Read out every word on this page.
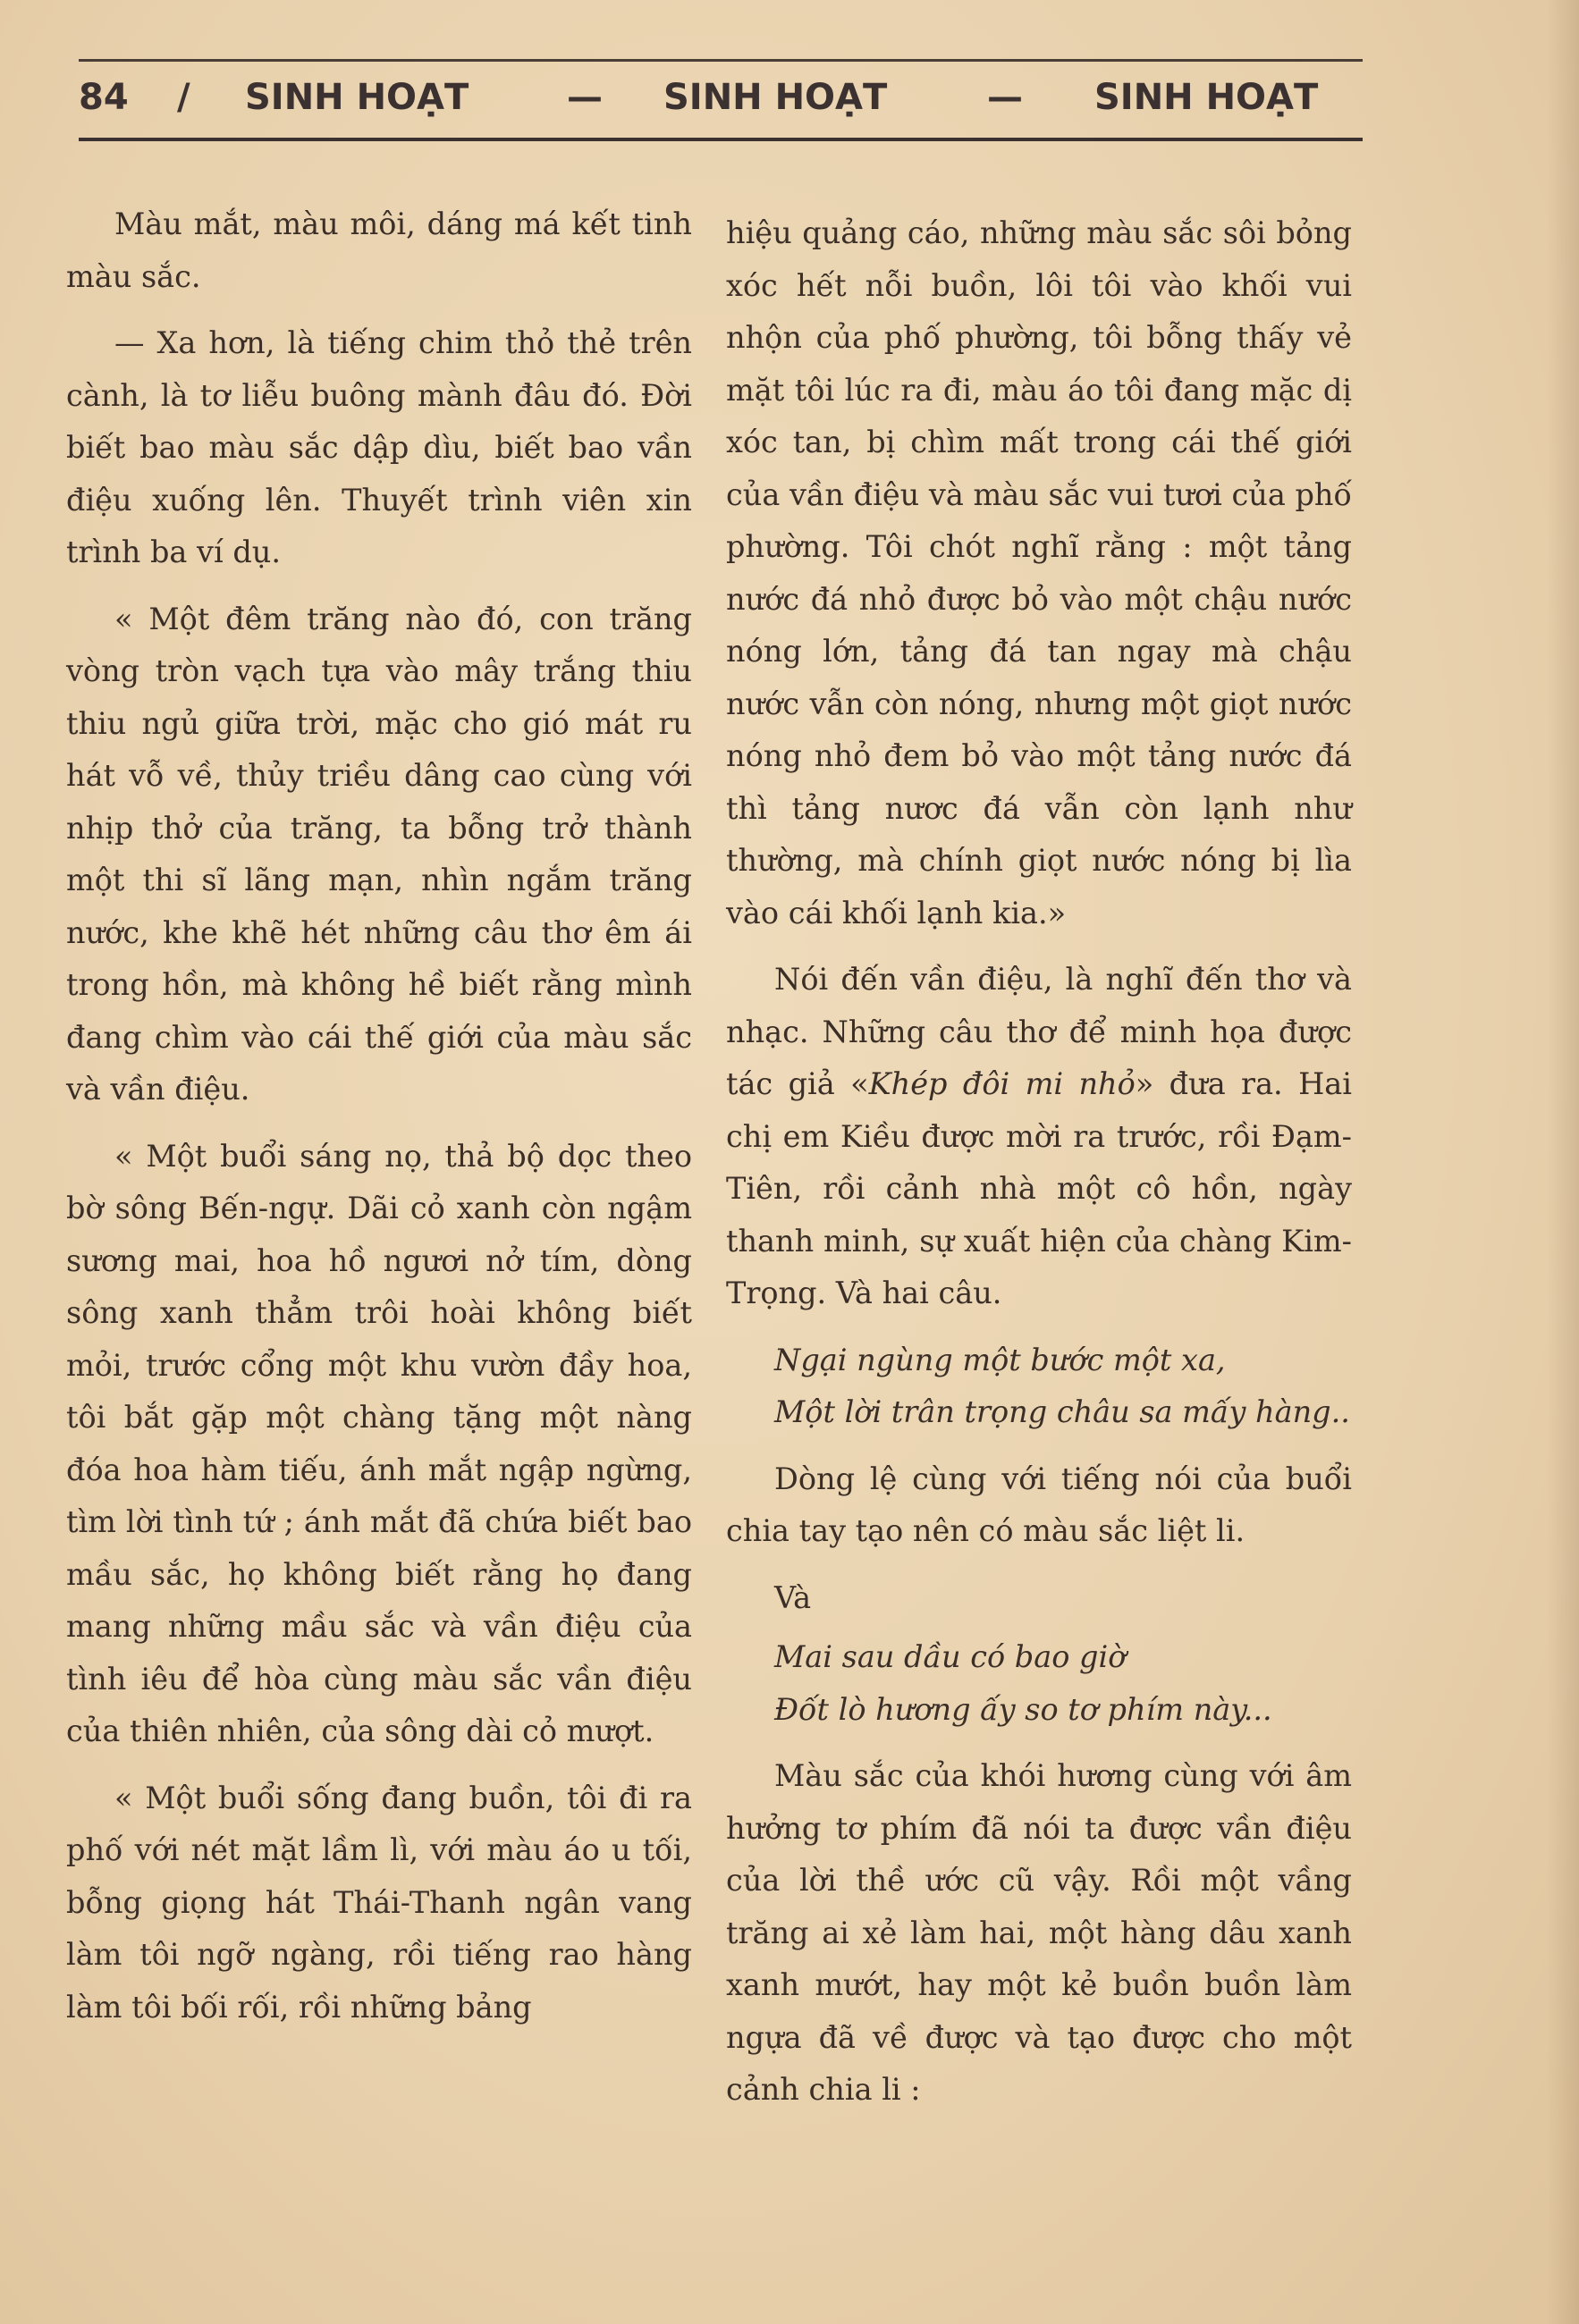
84 / SINH HOẠT	— SINH HOẠT	— SINH HOẠT

Màu mắt, màu môi, dáng má kết tinh màu sắc.

— Xa hơn, là tiếng chim thỏ thẻ trên cành, là tơ liễu buông mành đâu đó. Đời biết bao màu sắc dập dìu, biết bao vần điệu xuống lên. Thuyết trình viên xin trình ba ví dụ.

« Một đêm trăng nào đó, con trăng vòng tròn vạch tựa vào mây trắng thiu thiu ngủ giữa trời, mặc cho gió mát ru hát vỗ về, thủy triều dâng cao cùng với nhịp thở của trăng, ta bỗng trở thành một thi sĩ lãng mạn, nhìn ngắm trăng nước, khe khẽ hét những câu thơ êm ái trong hồn, mà không hề biết rằng mình đang chìm vào cái thế giới của màu sắc và vần điệu.

« Một buổi sáng nọ, thả bộ dọc theo bờ sông Bến-ngự. Dãi cỏ xanh còn ngậm sương mai, hoa hồ ngươi nở tím, dòng sông xanh thẳm trôi hoài không biết mỏi, trước cổng một khu vườn đầy hoa, tôi bắt gặp một chàng tặng một nàng đóa hoa hàm tiếu, ánh mắt ngập ngừng, tìm lời tình tứ ; ánh mắt đã chứa biết bao mầu sắc, họ không biết rằng họ đang mang những mầu sắc và vần điệu của tình iêu để hòa cùng màu sắc vần điệu của thiên nhiên, của sông dài cỏ mượt.

« Một buổi sống đang buồn, tôi đi ra phố với nét mặt lầm lì, với màu áo u tối, bỗng giọng hát Thái-Thanh ngân vang làm tôi ngỡ ngàng, rồi tiếng rao hàng làm tôi bối rối, rồi những bảng

hiệu quảng cáo, những màu sắc sôi bỏng xóc hết nỗi buồn, lôi tôi vào khối vui nhộn của phố phường, tôi bỗng thấy vẻ mặt tôi lúc ra đi, màu áo tôi đang mặc dị xóc tan, bị chìm mất trong cái thế giới của vần điệu và màu sắc vui tươi của phố phường. Tôi chót nghĩ rằng : một tảng nước đá nhỏ được bỏ vào một chậu nước nóng lớn, tảng đá tan ngay mà chậu nước vẫn còn nóng, nhưng một giọt nước nóng nhỏ đem bỏ vào một tảng nước đá thì tảng nươc đá vẫn còn lạnh như thường, mà chính giọt nước nóng bị lìa vào cái khối lạnh kia.»

Nói đến vần điệu, là nghĩ đến thơ và nhạc. Những câu thơ để minh họa được tác giả «Khép đôi mi nhỏ» đưa ra. Hai chị em Kiều được mời ra trước, rồi Đạm-Tiên, rồi cảnh nhà một cô hồn, ngày thanh minh, sự xuất hiện của chàng Kim-Trọng. Và hai câu.

Ngại ngùng một bước một xa,

Một lời trân trọng châu sa mấy hàng..

Dòng lệ cùng với tiếng nói của buổi chia tay tạo nên có màu sắc liệt li.

Và

Mai sau dầu có bao giờ

Đốt lò hương ấy so tơ phím này...

Màu sắc của khói hương cùng với âm hưởng tơ phím đã nói ta được vần điệu của lời thề ước cũ vậy. Rồi một vầng trăng ai xẻ làm hai, một hàng dâu xanh xanh mướt, hay một kẻ buồn buồn làm ngựa đã về được và tạo được cho một cảnh chia li :
